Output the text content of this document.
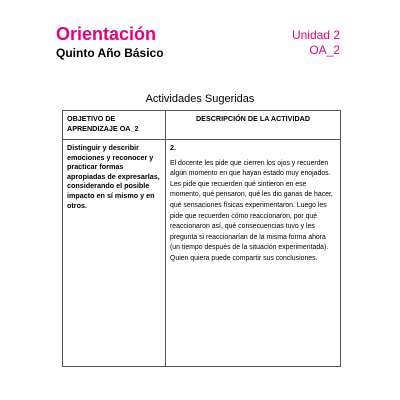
Orientación
Quinto Año Básico
Unidad 2
OA_2
Actividades Sugeridas
OBJETIVO DE APRENDIZAJE OA_2	DESCRIPCIÓN DE LA ACTIVIDAD
Distinguir y describir emociones y reconocer y practicar formas apropiadas de expresarlas, considerando el posible impacto en sí mismo y en otros.	2.
El docente les pide que cierren los ojos y recuerden algún momento en que hayan estado muy enojados. Les pide que recuerden qué sintieron en ese momento, qué pensaron, qué les dio ganas de hacer, qué sensaciones físicas experimentaron. Luego les pide que recuerden cómo reaccionaron, por qué reaccionaron así, qué consecuencias tuvo y les pregunta si reaccionarían de la misma forma ahora (un tiempo después de la situación experimentada). Quien quiera puede compartir sus conclusiones.
